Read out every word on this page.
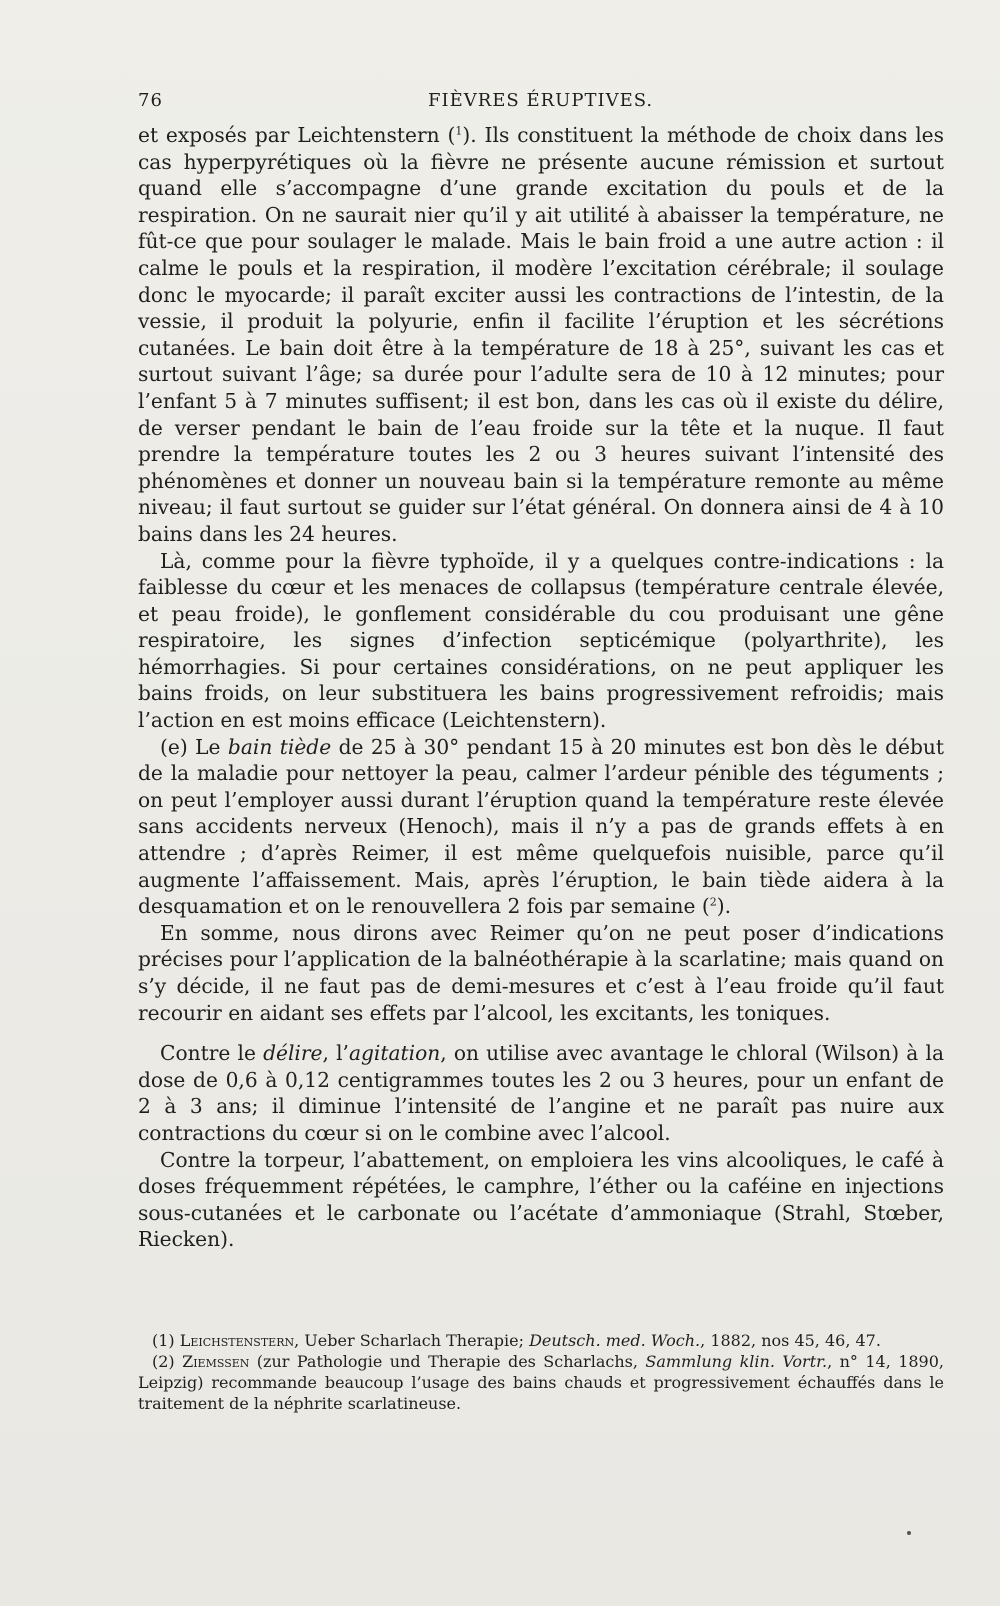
76	FIÈVRES ÉRUPTIVES.

et exposés par Leichtenstern ($^1$). Ils constituent la méthode de choix dans les cas hyperpyrétiques où la fièvre ne présente aucune rémission et surtout quand elle s’accompagne d’une grande excitation du pouls et de la respiration. On ne saurait nier qu’il y ait utilité à abaisser la température, ne fût-ce que pour soulager le malade. Mais le bain froid a une autre action : il calme le pouls et la respiration, il modère l’excitation cérébrale; il soulage donc le myocarde; il paraît exciter aussi les contractions de l’intestin, de la vessie, il produit la polyurie, enfin il facilite l’éruption et les sécrétions cutanées. Le bain doit être à la température de 18 à 25°, suivant les cas et surtout suivant l’âge; sa durée pour l’adulte sera de 10 à 12 minutes; pour l’enfant 5 à 7 minutes suffisent; il est bon, dans les cas où il existe du délire, de verser pendant le bain de l’eau froide sur la tête et la nuque. Il faut prendre la température toutes les 2 ou 3 heures suivant l’intensité des phénomènes et donner un nouveau bain si la température remonte au même niveau; il faut surtout se guider sur l’état général. On donnera ainsi de 4 à 10 bains dans les 24 heures.

Là, comme pour la fièvre typhoïde, il y a quelques contre-indications : la faiblesse du cœur et les menaces de collapsus (température centrale élevée, et peau froide), le gonflement considérable du cou produisant une gêne respiratoire, les signes d’infection septicémique (polyarthrite), les hémorrhagies. Si pour certaines considérations, on ne peut appliquer les bains froids, on leur substituera les bains progressivement refroidis; mais l’action en est moins efficace (Leichtenstern).

(e) Le bain tiède de 25 à 30° pendant 15 à 20 minutes est bon dès le début de la maladie pour nettoyer la peau, calmer l’ardeur pénible des téguments ; on peut l’employer aussi durant l’éruption quand la température reste élevée sans accidents nerveux (Henoch), mais il n’y a pas de grands effets à en attendre ; d’après Reimer, il est même quelquefois nuisible, parce qu’il augmente l’affaissement. Mais, après l’éruption, le bain tiède aidera à la desquamation et on le renouvellera 2 fois par semaine ($^2$).

En somme, nous dirons avec Reimer qu’on ne peut poser d’indications précises pour l’application de la balnéothérapie à la scarlatine; mais quand on s’y décide, il ne faut pas de demi-mesures et c’est à l’eau froide qu’il faut recourir en aidant ses effets par l’alcool, les excitants, les toniques.

Contre le délire, l’agitation, on utilise avec avantage le chloral (Wilson) à la dose de 0,6 à 0,12 centigrammes toutes les 2 ou 3 heures, pour un enfant de 2 à 3 ans; il diminue l’intensité de l’angine et ne paraît pas nuire aux contractions du cœur si on le combine avec l’alcool.

Contre la torpeur, l’abattement, on emploiera les vins alcooliques, le café à doses fréquemment répétées, le camphre, l’éther ou la caféine en injections sous-cutanées et le carbonate ou l’acétate d’ammoniaque (Strahl, Stœber, Riecken).

(1) Leichstenstern, Ueber Scharlach Therapie; Deutsch. med. Woch., 1882, nos 45, 46, 47.

(2) Ziemssen (zur Pathologie und Therapie des Scharlachs, Sammlung klin. Vortr., n° 14, 1890, Leipzig) recommande beaucoup l’usage des bains chauds et progressivement échauffés dans le traitement de la néphrite scarlatineuse.
